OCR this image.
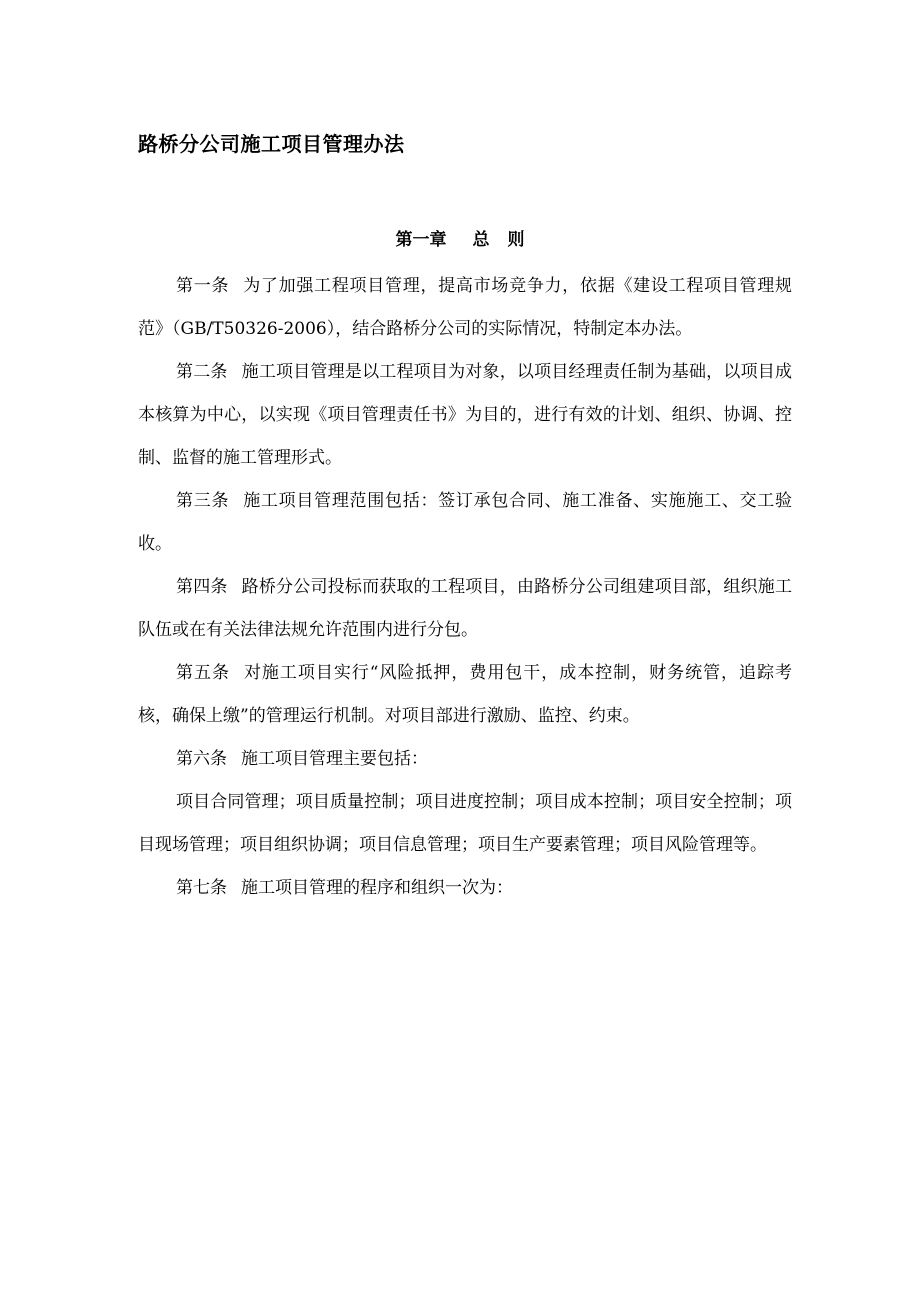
路桥分公司施工项目管理办法
第一章 总 则

第一条 为了加强工程项目管理，提高市场竞争力，依据《建设工程项目管理规范》（GB/T50326-2006），结合路桥分公司的实际情况，特制定本办法。

第二条 施工项目管理是以工程项目为对象，以项目经理责任制为基础，以项目成本核算为中心，以实现《项目管理责任书》为目的，进行有效的计划、组织、协调、控制、监督的施工管理形式。

第三条 施工项目管理范围包括：签订承包合同、施工准备、实施施工、交工验收。

第四条 路桥分公司投标而获取的工程项目，由路桥分公司组建项目部，组织施工队伍或在有关法律法规允许范围内进行分包。

第五条 对施工项目实行“风险抵押，费用包干，成本控制，财务统管，追踪考核，确保上缴”的管理运行机制。对项目部进行激励、监控、约束。

第六条 施工项目管理主要包括：

项目合同管理；项目质量控制；项目进度控制；项目成本控制；项目安全控制；项目现场管理；项目组织协调；项目信息管理；项目生产要素管理；项目风险管理等。

第七条 施工项目管理的程序和组织一次为：
